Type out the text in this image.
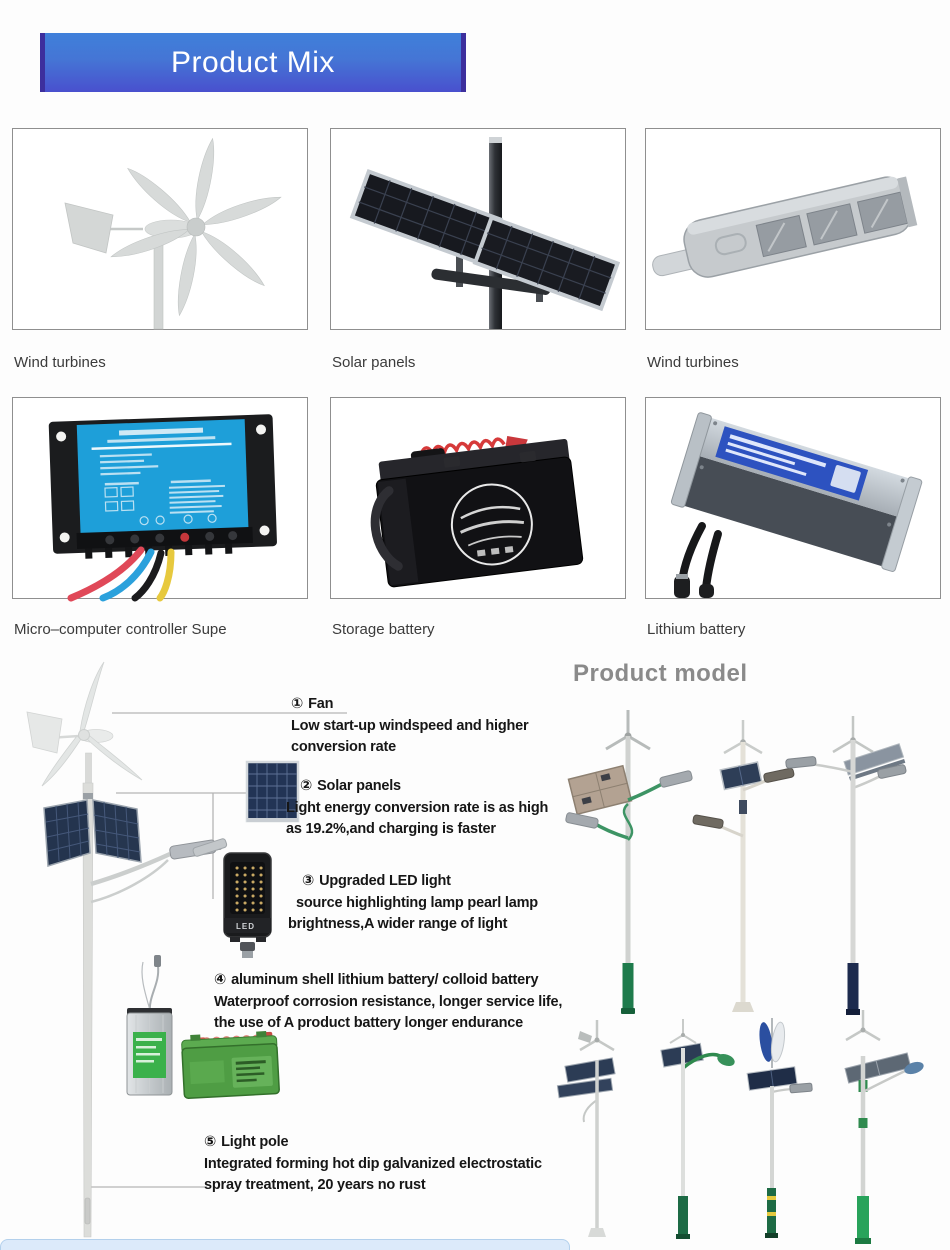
Product Mix
Wind turbines	Solar panels	Wind turbines
Micro–computer controller Supe	Storage battery	Lithium battery
Product model
LED
① Fan
Low start-up windspeed and higher
conversion rate
② Solar panels
Light energy conversion rate is as high
as 19.2%,and charging is faster
③ Upgraded LED light
source highlighting lamp pearl lamp
brightness,A wider range of light
④ aluminum shell lithium battery/ colloid battery
Waterproof corrosion resistance, longer service life,
the use of A product battery longer endurance
⑤ Light pole
Integrated forming hot dip galvanized electrostatic
spray treatment, 20 years no rust
